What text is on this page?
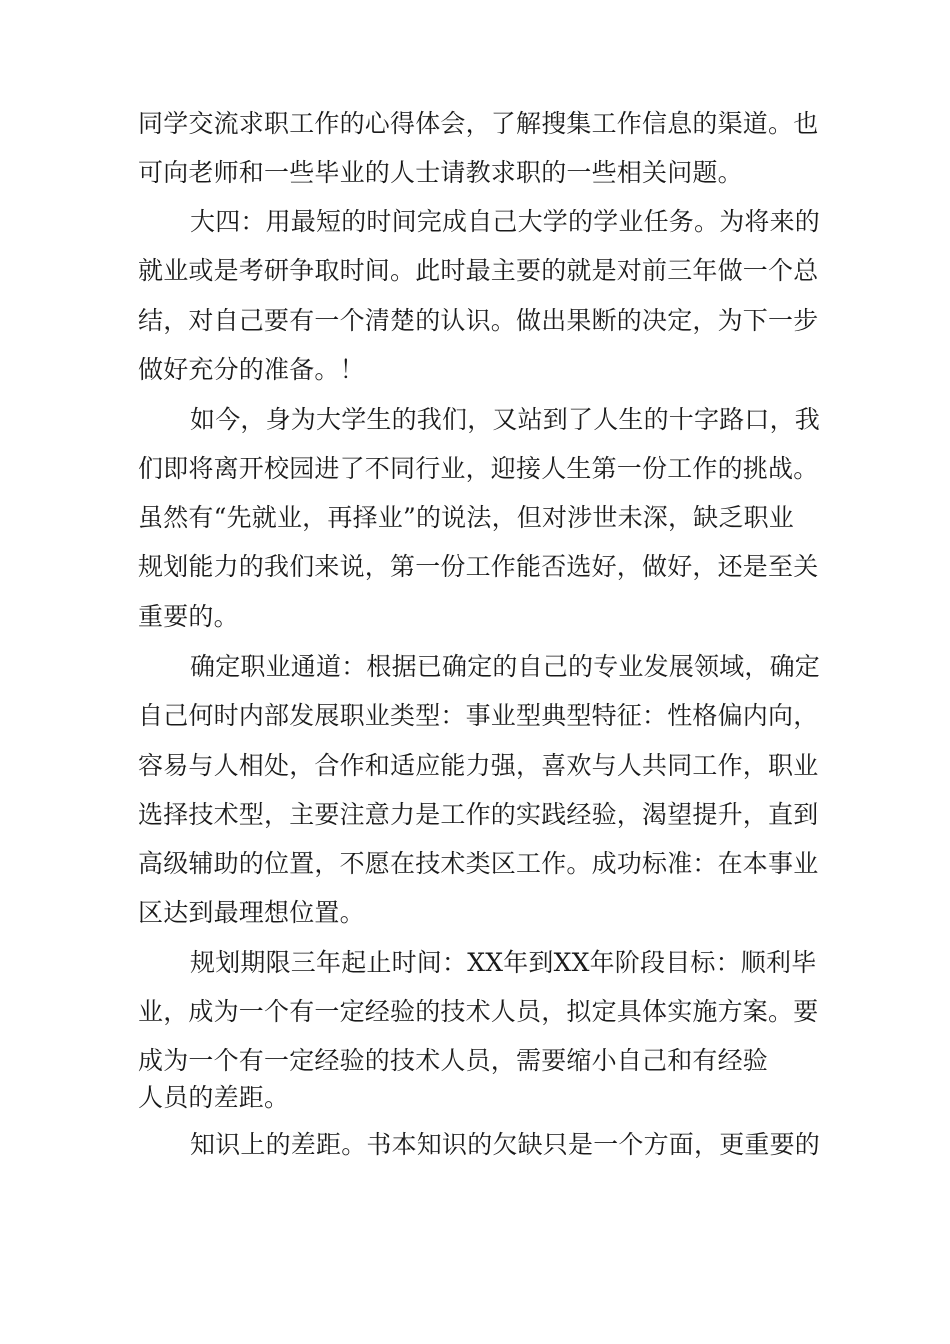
同学交流求职工作的心得体会，了解搜集工作信息的渠道。也

可向老师和一些毕业的人士请教求职的一些相关问题。

大四：用最短的时间完成自己大学的学业任务。为将来的

就业或是考研争取时间。此时最主要的就是对前三年做一个总

结，对自己要有一个清楚的认识。做出果断的决定，为下一步

做好充分的准备。！

如今，身为大学生的我们，又站到了人生的十字路口，我

们即将离开校园进了不同行业，迎接人生第一份工作的挑战。

虽然有“先就业，再择业”的说法，但对涉世未深，缺乏职业

规划能力的我们来说，第一份工作能否选好，做好，还是至关

重要的。

确定职业通道：根据已确定的自己的专业发展领域，确定

自己何时内部发展职业类型：事业型典型特征：性格偏内向，

容易与人相处，合作和适应能力强，喜欢与人共同工作，职业

选择技术型，主要注意力是工作的实践经验，渴望提升，直到

高级辅助的位置，不愿在技术类区工作。成功标准：在本事业

区达到最理想位置。

规划期限三年起止时间：XX年到XX年阶段目标：顺利毕

业，成为一个有一定经验的技术人员，拟定具体实施方案。要

成为一个有一定经验的技术人员，需要缩小自己和有经验

人员的差距。

知识上的差距。书本知识的欠缺只是一个方面，更重要的
